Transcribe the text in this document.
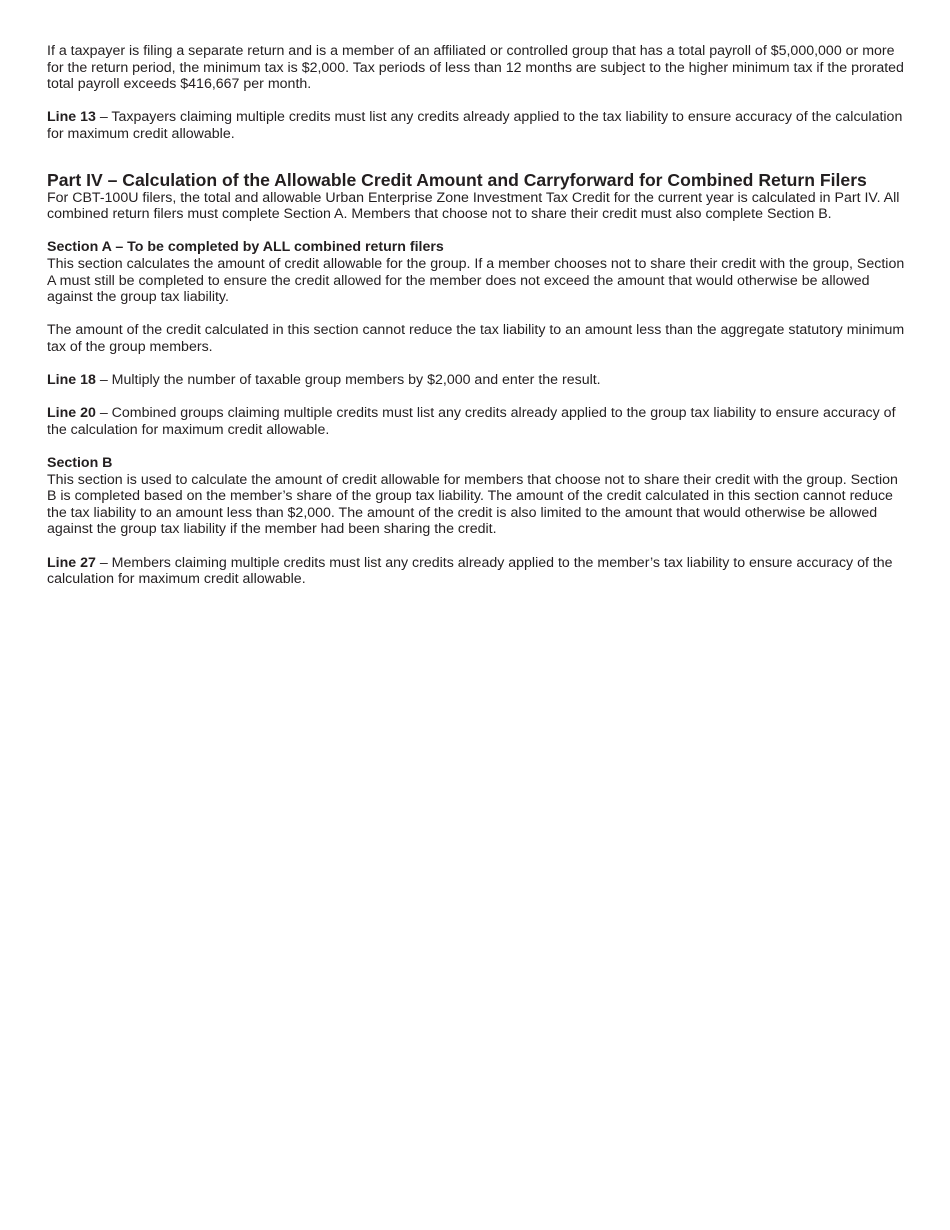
If a taxpayer is filing a separate return and is a member of an affiliated or controlled group that has a total payroll of $5,000,000 or more for the return period, the minimum tax is $2,000. Tax periods of less than 12 months are subject to the higher minimum tax if the prorated total payroll exceeds $416,667 per month.

Line 13 – Taxpayers claiming multiple credits must list any credits already applied to the tax liability to ensure accuracy of the calculation for maximum credit allowable.

Part IV – Calculation of the Allowable Credit Amount and Carryforward for Combined Return Filers

For CBT-100U filers, the total and allowable Urban Enterprise Zone Investment Tax Credit for the current year is calculated in Part IV. All combined return filers must complete Section A. Members that choose not to share their credit must also complete Section B.

Section A – To be completed by ALL combined return filers

This section calculates the amount of credit allowable for the group. If a member chooses not to share their credit with the group, Section A must still be completed to ensure the credit allowed for the member does not exceed the amount that would otherwise be allowed against the group tax liability.

The amount of the credit calculated in this section cannot reduce the tax liability to an amount less than the aggregate statutory minimum tax of the group members.

Line 18 – Multiply the number of taxable group members by $2,000 and enter the result.

Line 20 – Combined groups claiming multiple credits must list any credits already applied to the group tax liability to ensure accuracy of the calculation for maximum credit allowable.

Section B

This section is used to calculate the amount of credit allowable for members that choose not to share their credit with the group. Section B is completed based on the member’s share of the group tax liability. The amount of the credit calculated in this section cannot reduce the tax liability to an amount less than $2,000. The amount of the credit is also limited to the amount that would otherwise be allowed against the group tax liability if the member had been sharing the credit.

Line 27 – Members claiming multiple credits must list any credits already applied to the member’s tax liability to ensure accuracy of the calculation for maximum credit allowable.
